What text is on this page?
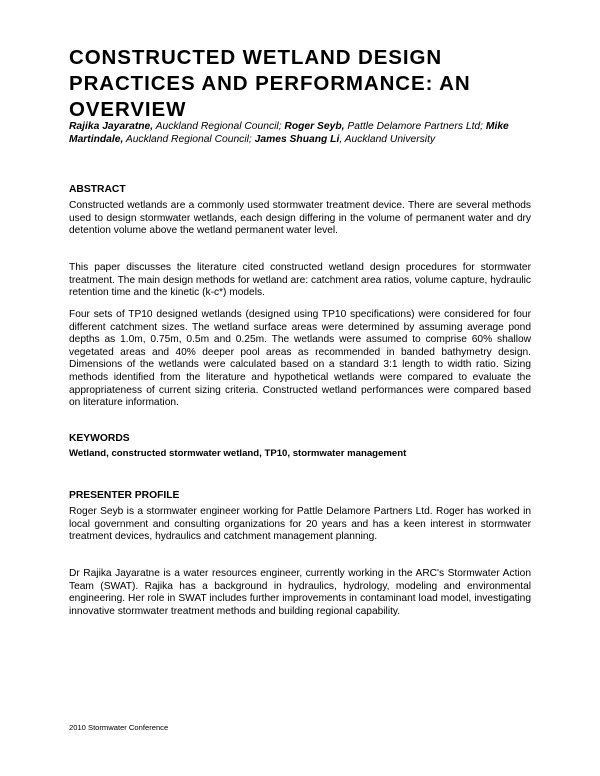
CONSTRUCTED WETLAND DESIGN PRACTICES AND PERFORMANCE: AN OVERVIEW

Rajika Jayaratne, Auckland Regional Council; Roger Seyb, Pattle Delamore Partners Ltd; Mike Martindale, Auckland Regional Council; James Shuang Li, Auckland University

ABSTRACT

Constructed wetlands are a commonly used stormwater treatment device. There are several methods used to design stormwater wetlands, each design differing in the volume of permanent water and dry detention volume above the wetland permanent water level.

This paper discusses the literature cited constructed wetland design procedures for stormwater treatment. The main design methods for wetland are: catchment area ratios, volume capture, hydraulic retention time and the kinetic (k-c*) models.

Four sets of TP10 designed wetlands (designed using TP10 specifications) were considered for four different catchment sizes. The wetland surface areas were determined by assuming average pond depths as 1.0m, 0.75m, 0.5m and 0.25m. The wetlands were assumed to comprise 60% shallow vegetated areas and 40% deeper pool areas as recommended in banded bathymetry design. Dimensions of the wetlands were calculated based on a standard 3:1 length to width ratio. Sizing methods identified from the literature and hypothetical wetlands were compared to evaluate the appropriateness of current sizing criteria. Constructed wetland performances were compared based on literature information.

KEYWORDS

Wetland, constructed stormwater wetland, TP10, stormwater management

PRESENTER PROFILE

Roger Seyb is a stormwater engineer working for Pattle Delamore Partners Ltd. Roger has worked in local government and consulting organizations for 20 years and has a keen interest in stormwater treatment devices, hydraulics and catchment management planning.

Dr Rajika Jayaratne is a water resources engineer, currently working in the ARC's Stormwater Action Team (SWAT). Rajika has a background in hydraulics, hydrology, modeling and environmental engineering. Her role in SWAT includes further improvements in contaminant load model, investigating innovative stormwater treatment methods and building regional capability.

2010 Stormwater Conference
